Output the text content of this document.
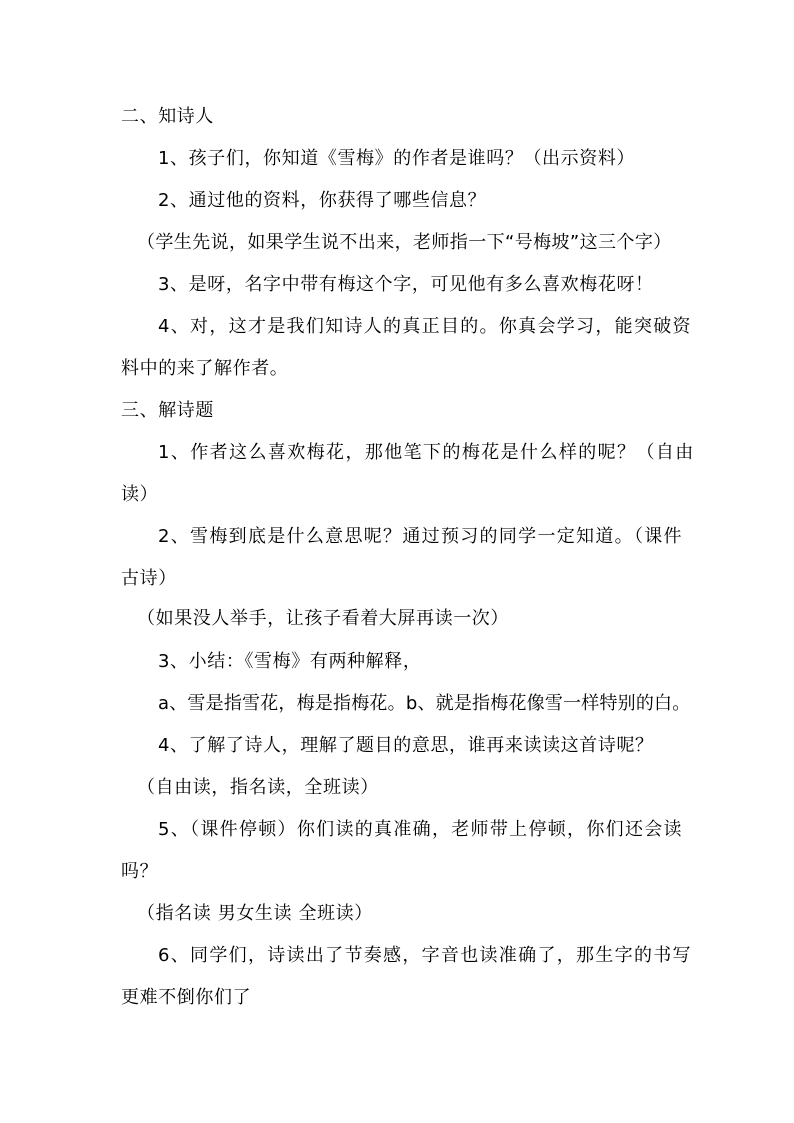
二、知诗人
1、孩子们，你知道《雪梅》的作者是谁吗？（出示资料）
2、通过他的资料，你获得了哪些信息？
（学生先说，如果学生说不出来，老师指一下“号梅坡”这三个字）
3、是呀，名字中带有梅这个字，可见他有多么喜欢梅花呀！
4、对，这才是我们知诗人的真正目的。你真会学习，能突破资
料中的来了解作者。
三、解诗题
1、作者这么喜欢梅花，那他笔下的梅花是什么样的呢？（自由
读）
2、雪梅到底是什么意思呢？通过预习的同学一定知道。（课件
古诗）
（如果没人举手，让孩子看着大屏再读一次）
3、小结：《雪梅》有两种解释，
a、雪是指雪花，梅是指梅花。b、就是指梅花像雪一样特别的白。
4、了解了诗人，理解了题目的意思，谁再来读读这首诗呢？
（自由读，指名读，全班读）
5、（课件停顿）你们读的真准确，老师带上停顿，你们还会读
吗？
（指名读 男女生读 全班读）
6、同学们，诗读出了节奏感，字音也读准确了，那生字的书写
更难不倒你们了
